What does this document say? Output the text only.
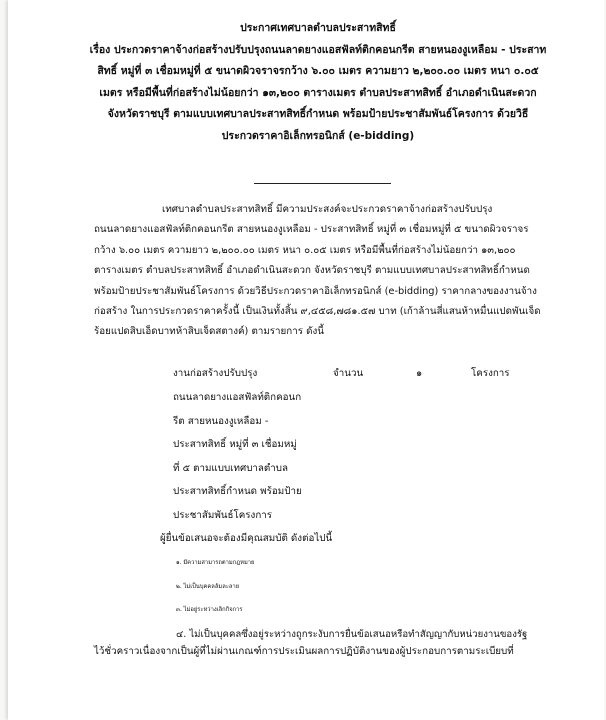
ประกาศเทศบาลตำบลประสาทสิทธิ์
เรื่อง ประกวดราคาจ้างก่อสร้างปรับปรุงถนนลาดยางแอสฟัลท์ติกคอนกรีต สายหนองงูเหลือม - ประสาท
สิทธิ์ หมู่ที่ ๓ เชื่อมหมู่ที่ ๕ ขนาดผิวจราจรกว้าง ๖.๐๐ เมตร ความยาว ๒,๒๐๐.๐๐ เมตร หนา ๐.๐๕
เมตร หรือมีพื้นที่ก่อสร้างไม่น้อยกว่า ๑๓,๒๐๐ ตารางเมตร ตำบลประสาทสิทธิ์ อำเภอดำเนินสะดวก
จังหวัดราชบุรี ตามแบบเทศบาลประสาทสิทธิ์กำหนด พร้อมป้ายประชาสัมพันธ์โครงการ ด้วยวิธี
ประกวดราคาอิเล็กทรอนิกส์ (e-bidding)
เทศบาลตำบลประสาทสิทธิ์ มีความประสงค์จะประกวดราคาจ้างก่อสร้างปรับปรุง
ถนนลาดยางแอสฟัลท์ติกคอนกรีต สายหนองงูเหลือม - ประสาทสิทธิ์ หมู่ที่ ๓ เชื่อมหมู่ที่ ๕ ขนาดผิวจราจร
กว้าง ๖.๐๐ เมตร ความยาว ๒,๒๐๐.๐๐ เมตร หนา ๐.๐๕ เมตร หรือมีพื้นที่ก่อสร้างไม่น้อยกว่า ๑๓,๒๐๐
ตารางเมตร ตำบลประสาทสิทธิ์ อำเภอดำเนินสะดวก จังหวัดราชบุรี ตามแบบเทศบาลประสาทสิทธิ์กำหนด
พร้อมป้ายประชาสัมพันธ์โครงการ ด้วยวิธีประกวดราคาอิเล็กทรอนิกส์ (e-bidding) ราคากลางของงานจ้าง
ก่อสร้าง ในการประกวดราคาครั้งนี้ เป็นเงินทั้งสิ้น ๙,๔๕๘,๗๘๑.๕๗ บาท (เก้าล้านสี่แสนห้าหมื่นแปดพันเจ็ด
ร้อยแปดสิบเอ็ดบาทห้าสิบเจ็ดสตางค์) ตามรายการ ดังนี้
งานก่อสร้างปรับปรุง	จำนวน	๑	โครงการ
ถนนลาดยางแอสฟัลท์ติกคอนก
รีต สายหนองงูเหลือม -
ประสาทสิทธิ์ หมู่ที่ ๓ เชื่อมหมู่
ที่ ๕ ตามแบบเทศบาลตำบล
ประสาทสิทธิ์กำหนด พร้อมป้าย
ประชาสัมพันธ์โครงการ
ผู้ยื่นข้อเสนอจะต้องมีคุณสมบัติ ดังต่อไปนี้
๑. มีความสามารถตามกฎหมาย
๒. ไม่เป็นบุคคลล้มละลาย
๓. ไม่อยู่ระหว่างเลิกกิจการ
๔. ไม่เป็นบุคคลซึ่งอยู่ระหว่างถูกระงับการยื่นข้อเสนอหรือทำสัญญากับหน่วยงานของรัฐ
ไว้ชั่วคราวเนื่องจากเป็นผู้ที่ไม่ผ่านเกณฑ์การประเมินผลการปฏิบัติงานของผู้ประกอบการตามระเบียบที่
